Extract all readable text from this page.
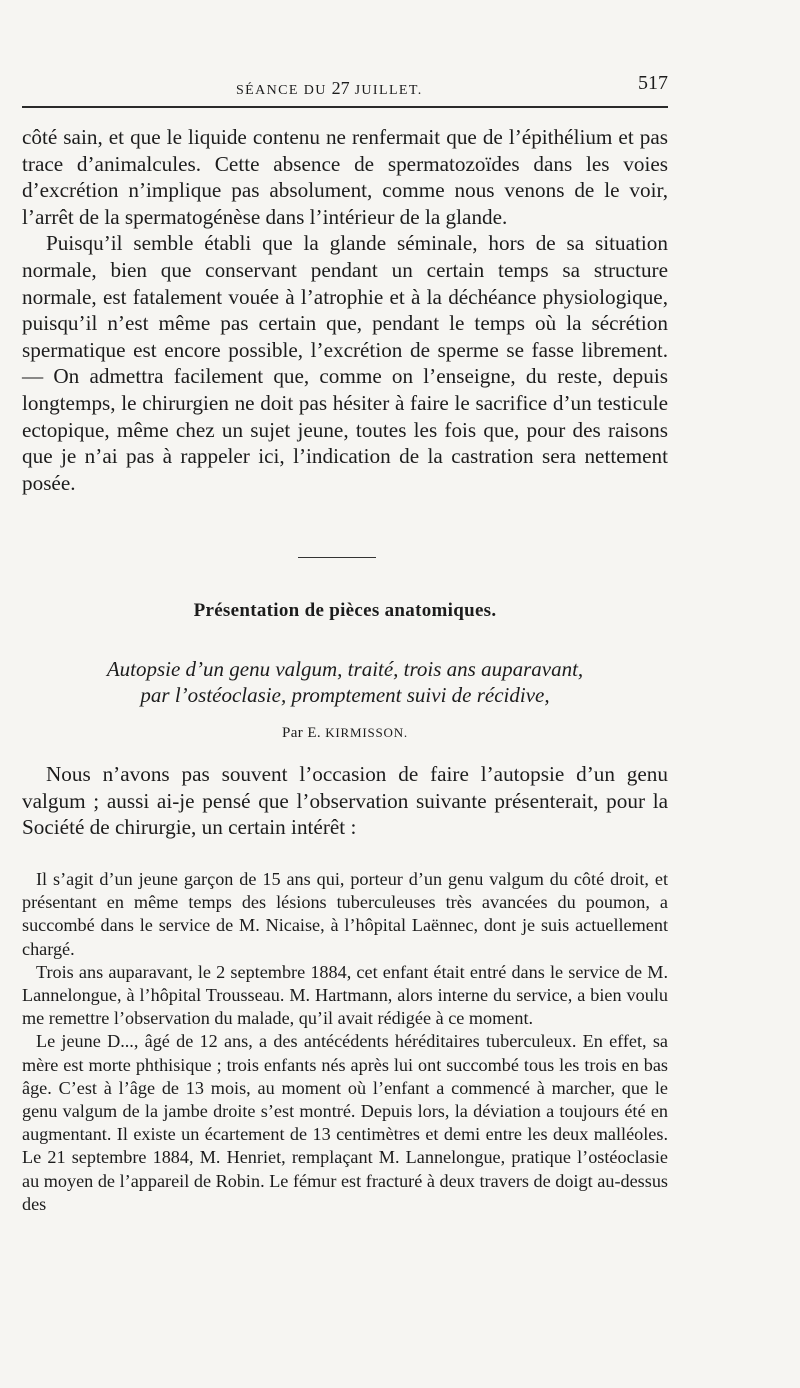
SÉANCE DU 27 JUILLET.	517

côté sain, et que le liquide contenu ne renfermait que de l’épithélium et pas trace d’animalcules. Cette absence de spermatozoïdes dans les voies d’excrétion n’implique pas absolument, comme nous venons de le voir, l’arrêt de la spermatogénèse dans l’intérieur de la glande.

Puisqu’il semble établi que la glande séminale, hors de sa situation normale, bien que conservant pendant un certain temps sa structure normale, est fatalement vouée à l’atrophie et à la déchéance physiologique, puisqu’il n’est même pas certain que, pendant le temps où la sécrétion spermatique est encore possible, l’excrétion de sperme se fasse librement. — On admettra facilement que, comme on l’enseigne, du reste, depuis longtemps, le chirurgien ne doit pas hésiter à faire le sacrifice d’un testicule ectopique, même chez un sujet jeune, toutes les fois que, pour des raisons que je n’ai pas à rappeler ici, l’indication de la castration sera nettement posée.

Présentation de pièces anatomiques.
Autopsie d’un genu valgum, traité, trois ans auparavant,
par l’ostéoclasie, promptement suivi de récidive,
Par E. KIRMISSON.

Nous n’avons pas souvent l’occasion de faire l’autopsie d’un genu valgum ; aussi ai-je pensé que l’observation suivante présenterait, pour la Société de chirurgie, un certain intérêt :

Il s’agit d’un jeune garçon de 15 ans qui, porteur d’un genu valgum du côté droit, et présentant en même temps des lésions tuberculeuses très avancées du poumon, a succombé dans le service de M. Nicaise, à l’hôpital Laënnec, dont je suis actuellement chargé.

Trois ans auparavant, le 2 septembre 1884, cet enfant était entré dans le service de M. Lannelongue, à l’hôpital Trousseau. M. Hartmann, alors interne du service, a bien voulu me remettre l’observation du malade, qu’il avait rédigée à ce moment.

Le jeune D..., âgé de 12 ans, a des antécédents héréditaires tuberculeux. En effet, sa mère est morte phthisique ; trois enfants nés après lui ont succombé tous les trois en bas âge. C’est à l’âge de 13 mois, au moment où l’enfant a commencé à marcher, que le genu valgum de la jambe droite s’est montré. Depuis lors, la déviation a toujours été en augmentant. Il existe un écartement de 13 centimètres et demi entre les deux malléoles. Le 21 septembre 1884, M. Henriet, remplaçant M. Lannelongue, pratique l’ostéoclasie au moyen de l’appareil de Robin. Le fémur est fracturé à deux travers de doigt au-dessus des
